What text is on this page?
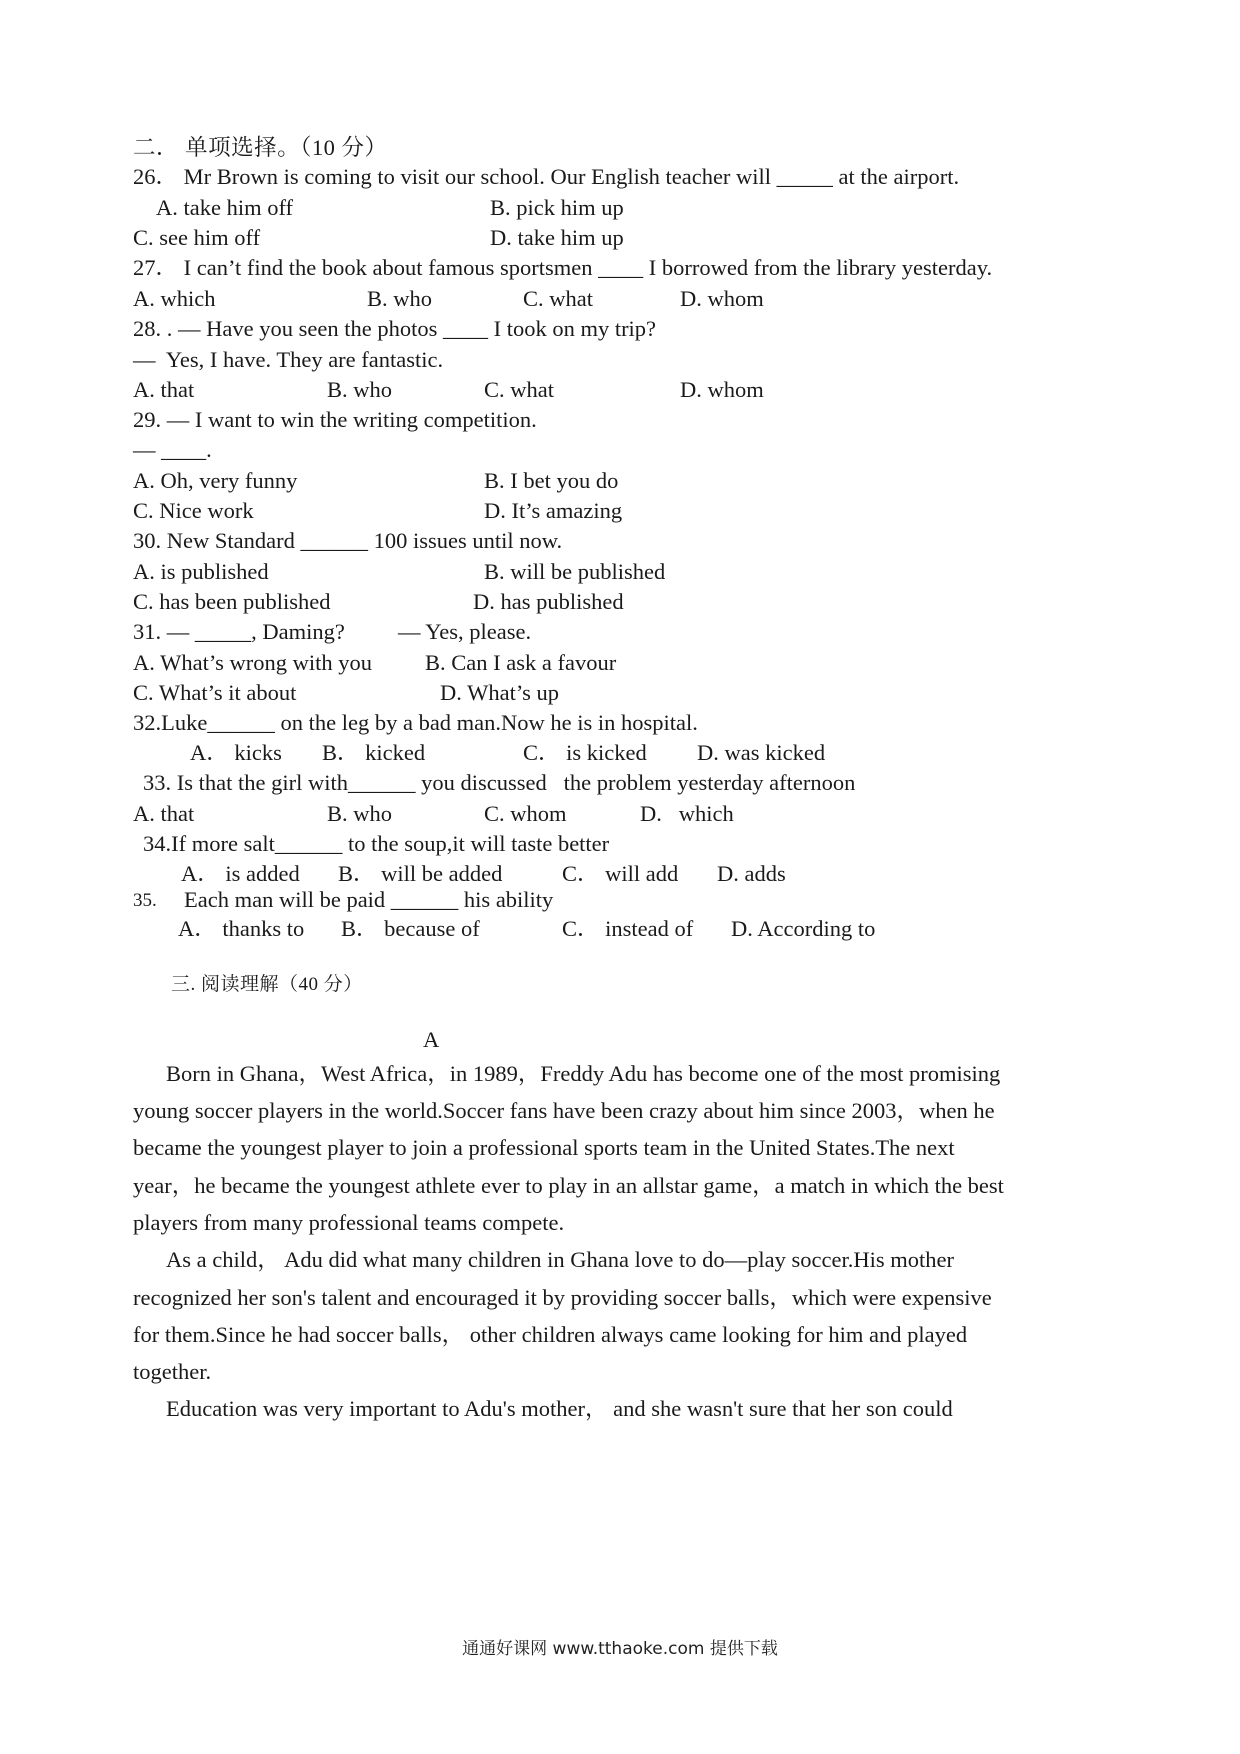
二． 单项选择。（10 分）
26． Mr Brown is coming to visit our school. Our English teacher will _____ at the airport.
A. take him off	B. pick him up
C. see him off	D. take him up
27． I can’t find the book about famous sportsmen ____ I borrowed from the library yesterday.
A. which	B. who	C. what	D. whom
28. . — Have you seen the photos ____ I took on my trip?
—  Yes, I have. They are fantastic.
A. that	B. who	C. what	D. whom
29. — I want to win the writing competition.
— ____.
A. Oh, very funny	B. I bet you do
C. Nice work	D. It’s amazing
30. New Standard ______ 100 issues until now.
A. is published	B. will be published
C. has been published	D. has published
31. — _____, Daming? — Yes, please.
A. What’s wrong with you B. Can I ask a favour
C. What’s it about	D. What’s up
32.Luke______ on the leg by a bad man.Now he is in hospital.
A． kicks B． kicked	C． is kicked D. was kicked
33. Is that the girl with______ you discussed   the problem yesterday afternoon
A. that	B. who	C. whom	D.   which
34.If more salt______ to the soup,it will taste better
A． is added B． will be added	C． will add D. adds
35. Each man will be paid ______ his ability
A． thanks to B． because of	C． instead of D. According to
三. 阅读理解（40 分）
A
Born in Ghana，West Africa，in 1989，Freddy Adu has become one of the most promising
young soccer players in the world.Soccer fans have been crazy about him since 2003，when he
became the youngest player to join a professional sports team in the United States.The next
year，he became the youngest athlete ever to play in an allstar game，a match in which the best
players from many professional teams compete.
As a child， Adu did what many children in Ghana love to do—play soccer.His mother
recognized her son's talent and encouraged it by providing soccer balls，which were expensive
for them.Since he had soccer balls， other children always came looking for him and played
together.
Education was very important to Adu's mother， and she wasn't sure that her son could
通通好课网 www.tthaoke.com 提供下载
